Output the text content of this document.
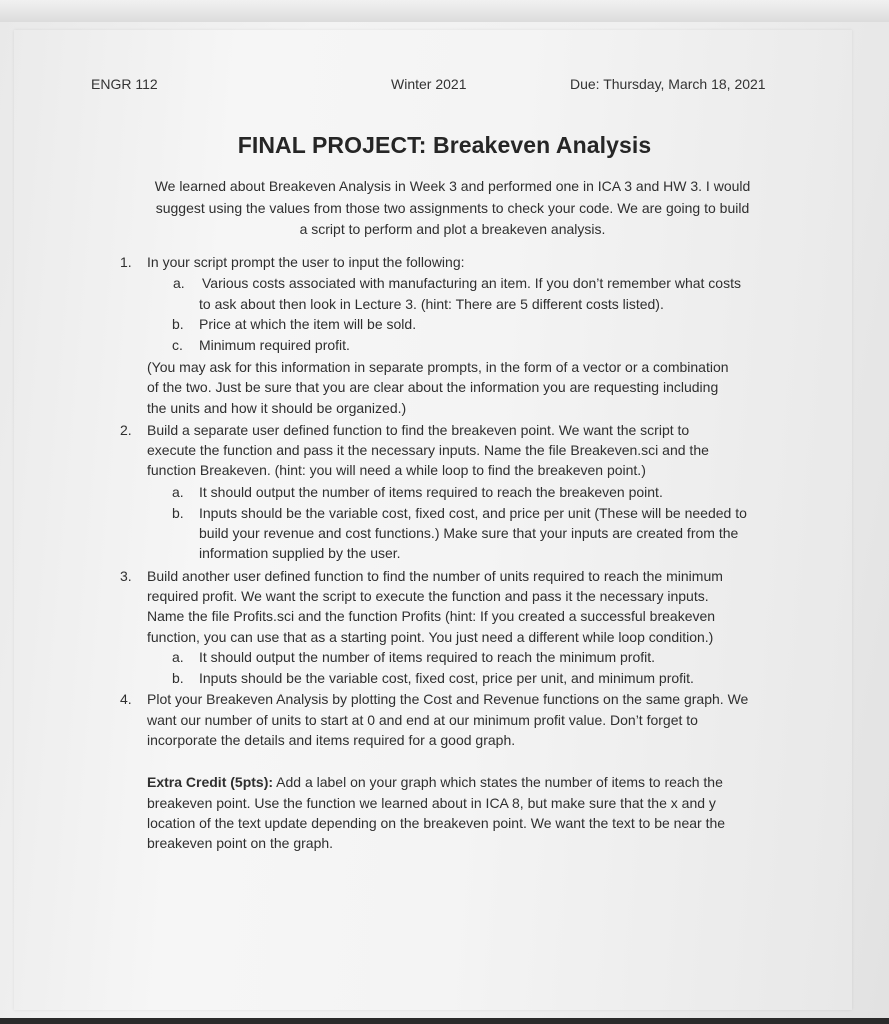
ENGR 112	Winter 2021	Due: Thursday, March 18, 2021
FINAL PROJECT: Breakeven Analysis
We learned about Breakeven Analysis in Week 3 and performed one in ICA 3 and HW 3. I would
suggest using the values from those two assignments to check your code. We are going to build
a script to perform and plot a breakeven analysis.
1. In your script prompt the user to input the following:
a. Various costs associated with manufacturing an item. If you don’t remember what costs
to ask about then look in Lecture 3. (hint: There are 5 different costs listed).
b. Price at which the item will be sold.
c. Minimum required profit.
(You may ask for this information in separate prompts, in the form of a vector or a combination
of the two. Just be sure that you are clear about the information you are requesting including
the units and how it should be organized.)
2. Build a separate user defined function to find the breakeven point. We want the script to
execute the function and pass it the necessary inputs. Name the file Breakeven.sci and the
function Breakeven. (hint: you will need a while loop to find the breakeven point.)
a. It should output the number of items required to reach the breakeven point.
b. Inputs should be the variable cost, fixed cost, and price per unit (These will be needed to
build your revenue and cost functions.) Make sure that your inputs are created from the
information supplied by the user.
3. Build another user defined function to find the number of units required to reach the minimum
required profit. We want the script to execute the function and pass it the necessary inputs.
Name the file Profits.sci and the function Profits (hint: If you created a successful breakeven
function, you can use that as a starting point. You just need a different while loop condition.)
a. It should output the number of items required to reach the minimum profit.
b. Inputs should be the variable cost, fixed cost, price per unit, and minimum profit.
4. Plot your Breakeven Analysis by plotting the Cost and Revenue functions on the same graph. We
want our number of units to start at 0 and end at our minimum profit value. Don’t forget to
incorporate the details and items required for a good graph.
Extra Credit (5pts): Add a label on your graph which states the number of items to reach the
breakeven point. Use the function we learned about in ICA 8, but make sure that the x and y
location of the text update depending on the breakeven point. We want the text to be near the
breakeven point on the graph.
